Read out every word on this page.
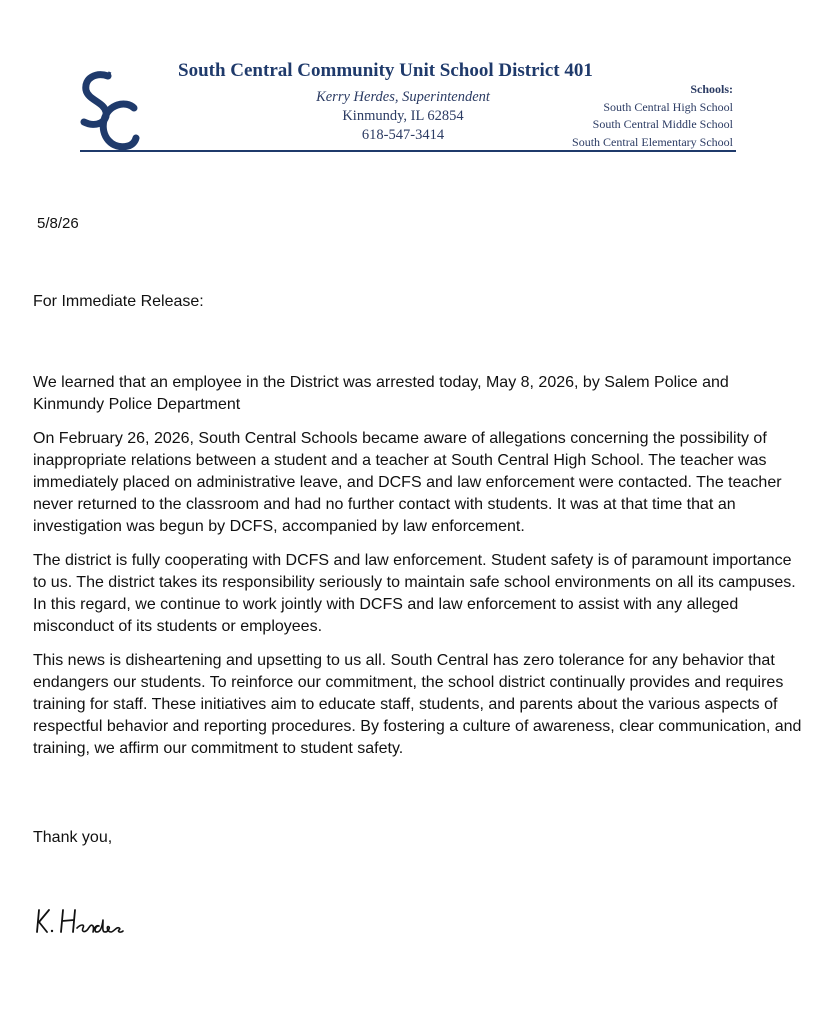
South Central Community Unit School District 401
Kerry Herdes, Superintendent
Kinmundy, IL 62854
618-547-3414
Schools:
South Central High School
South Central Middle School
South Central Elementary School
5/8/26
For Immediate Release:

We learned that an employee in the District was arrested today, May 8, 2026, by Salem Police and Kinmundy Police Department

On February 26, 2026, South Central Schools became aware of allegations concerning the possibility of inappropriate relations between a student and a teacher at South Central High School. The teacher was immediately placed on administrative leave, and DCFS and law enforcement were contacted. The teacher never returned to the classroom and had no further contact with students. It was at that time that an investigation was begun by DCFS, accompanied by law enforcement.

The district is fully cooperating with DCFS and law enforcement. Student safety is of paramount importance to us. The district takes its responsibility seriously to maintain safe school environments on all its campuses. In this regard, we continue to work jointly with DCFS and law enforcement to assist with any alleged misconduct of its students or employees.

This news is disheartening and upsetting to us all. South Central has zero tolerance for any behavior that endangers our students. To reinforce our commitment, the school district continually provides and requires training for staff. These initiatives aim to educate staff, students, and parents about the various aspects of respectful behavior and reporting procedures. By fostering a culture of awareness, clear communication, and training, we affirm our commitment to student safety.

Thank you,
